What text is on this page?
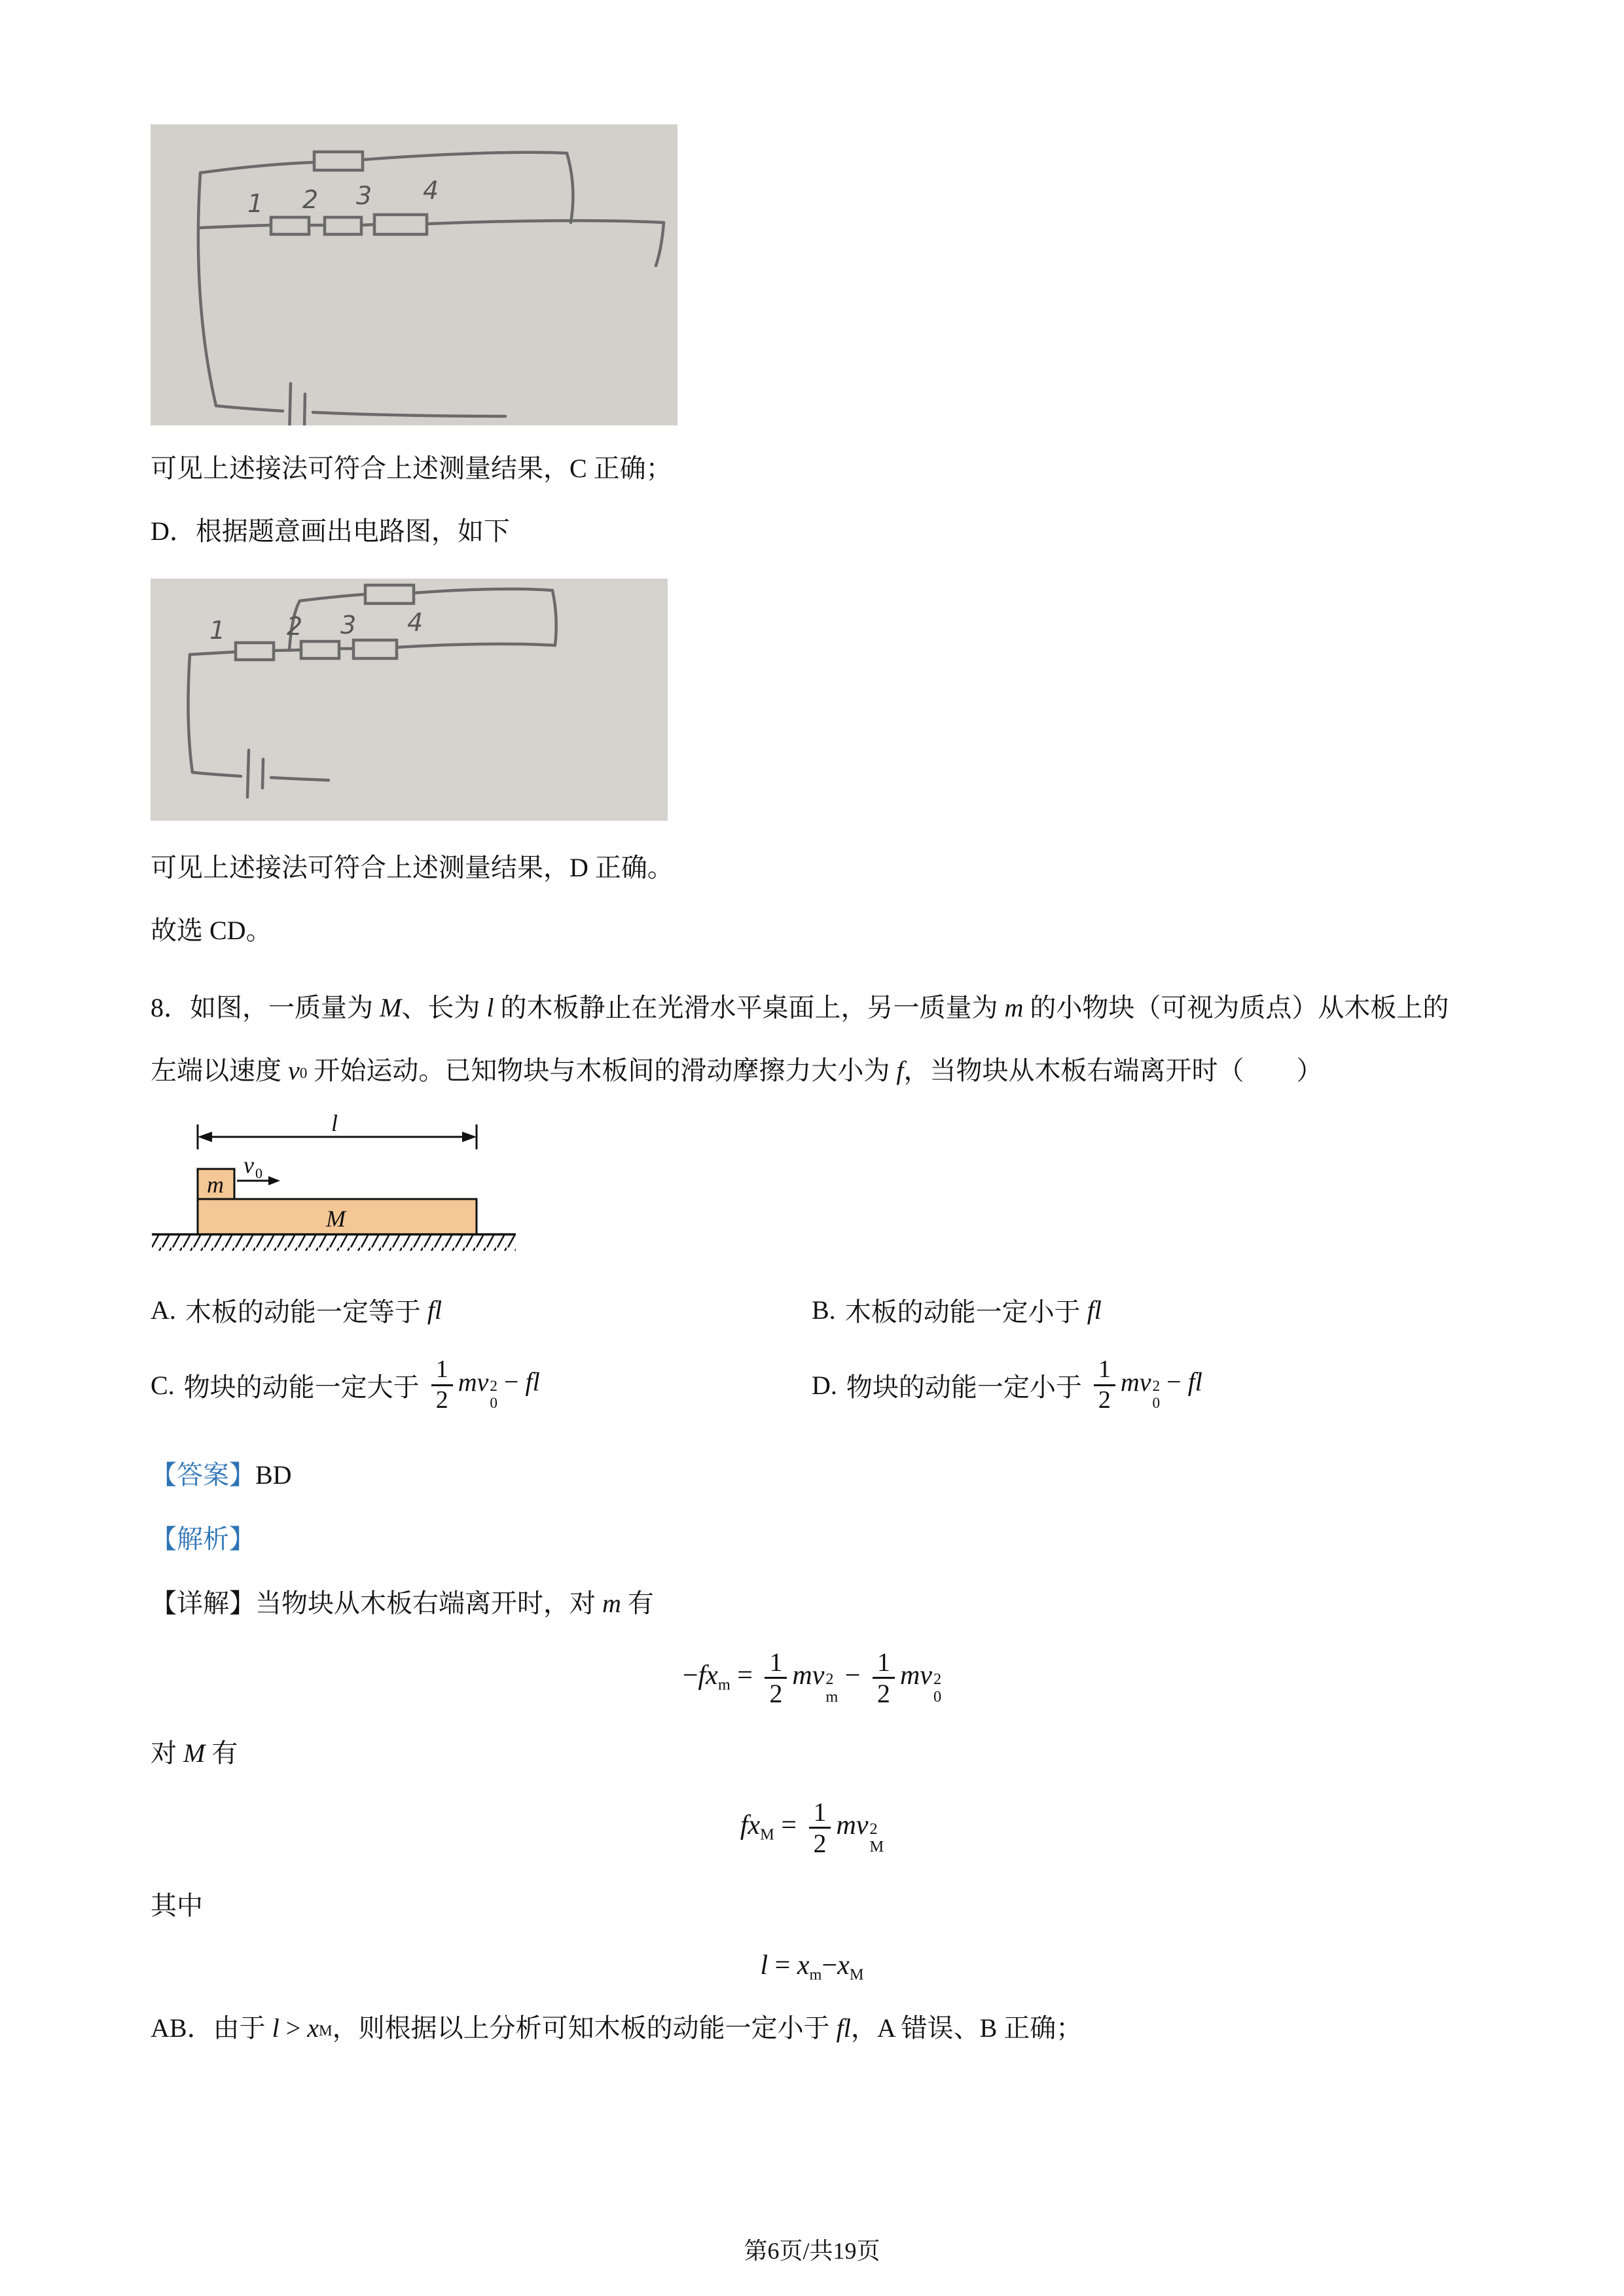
1 2 3 4

可见上述接法可符合上述测量结果，C 正确；

D．根据题意画出电路图，如下

1 2 3 4

可见上述接法可符合上述测量结果，D 正确。

故选 CD。

8．如图，一质量为 M、长为 l 的木板静止在光滑水平桌面上，另一质量为 m 的小物块（可视为质点）从木板上的左端以速度 v 0 开始运动。已知物块与木板间的滑动摩擦力大小为 f，当物块从木板右端离开时（　　）

l
m
v 0
M
A. 木板的动能一定等于 fl	B. 木板的动能一定小于 fl
C. 物块的动能一定大于 $\frac{1}{2}$ mv 2
0
− fl	D. 物块的动能一定小于 $\frac{1}{2}$ mv 2
0
− fl

【答案】BD

【解析】

【详解】当物块从木板右端离开时，对 m 有

− fx $m = \frac{1}{2}$ mv 2
m
− $\frac{1}{2}$ mv 2
0

对 M 有

fx $M = \frac{1}{2}$ mv 2
M

其中

l = x m − x M

AB．由于 l > x M ，则根据以上分析可知木板的动能一定小于 fl，A 错误、B 正确；

第6页/共19页
